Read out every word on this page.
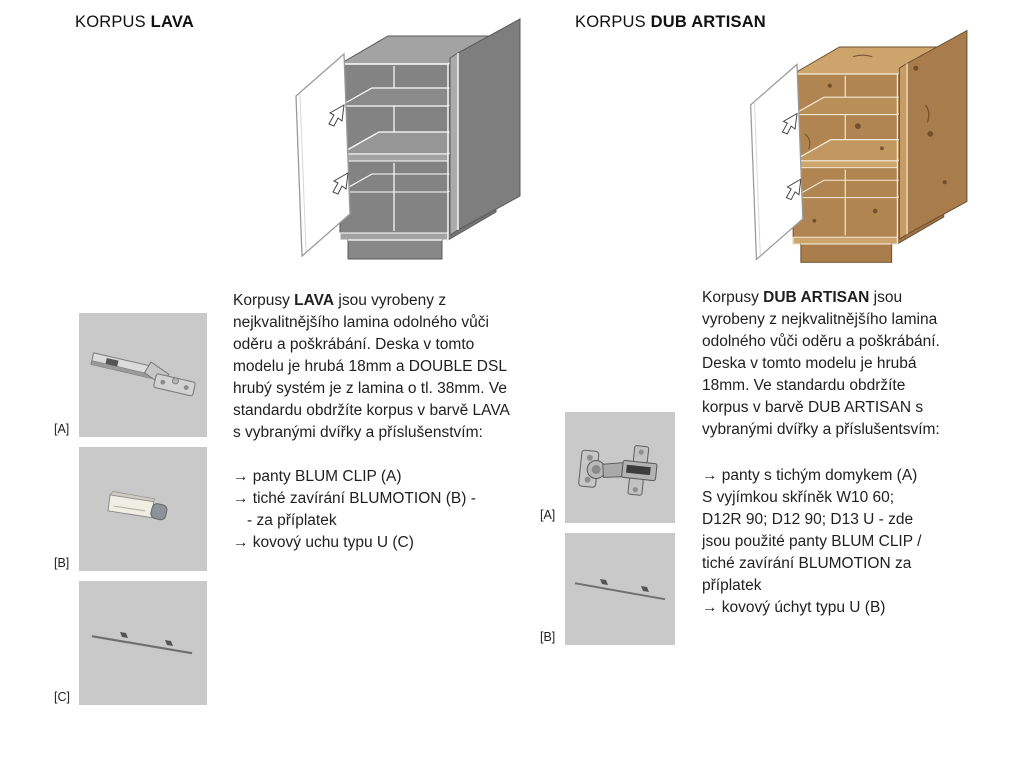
KORPUS LAVA
[A]
[B]
[C]
Korpusy LAVA jsou vyrobeny z nejkvalitnějšího lamina odolného vůči oděru a poškrábání. Deska v tomto modelu je hrubá 18mm a DOUBLE DSL hrubý systém je z lamina o tl. 38mm. Ve standardu obdržíte korpus v barvě LAVA s vybranými dvířky a příslušenstvím:
→ panty BLUM CLIP (A)
→ tiché zavírání BLUMOTION (B) -
- za příplatek
→ kovový uchu typu U (C)
KORPUS DUB ARTISAN
[A]
[B]
Korpusy DUB ARTISAN jsou vyrobeny z nejkvalitnějšího lamina odolného vůči oděru a poškrábání. Deska v tomto modelu je hrubá 18mm. Ve standardu obdržíte korpus v barvě DUB ARTISAN s vybranými dvířky a příslušentsvím:
→ panty s tichým domykem (A)
S vyjímkou skříněk W10 60;
D12R 90; D12 90; D13 U - zde
jsou použité panty BLUM CLIP /
tiché zavírání BLUMOTION za
příplatek
→ kovový úchyt typu U (B)
